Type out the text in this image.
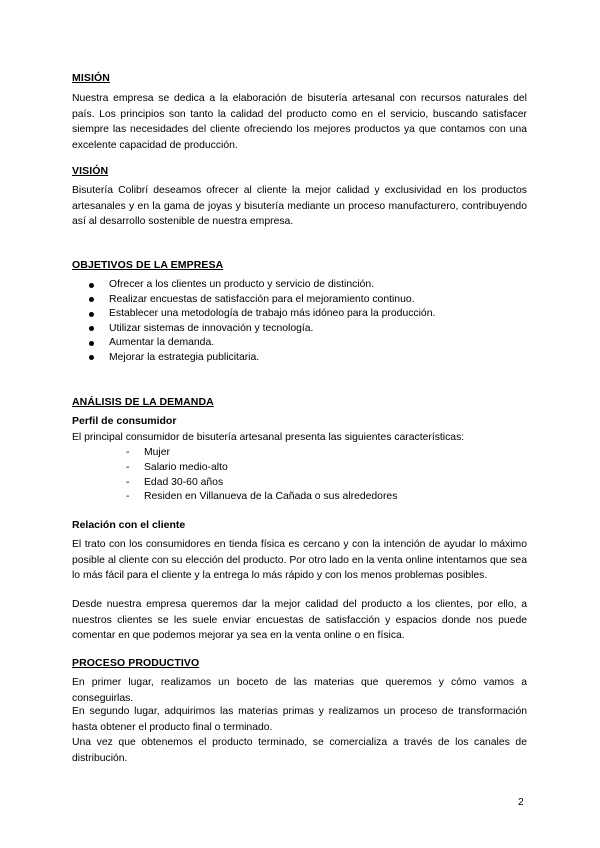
MISIÓN

Nuestra empresa se dedica a la elaboración de bisutería artesanal con recursos naturales del país. Los principios son tanto la calidad del producto como en el servicio, buscando satisfacer siempre las necesidades del cliente ofreciendo los mejores productos ya que contamos con una excelente capacidad de producción.

VISIÓN

Bisutería Colibrí deseamos ofrecer al cliente la mejor calidad y exclusividad en los productos artesanales y en la gama de joyas y bisutería mediante un proceso manufacturero, contribuyendo así al desarrollo sostenible de nuestra empresa.

OBJETIVOS DE LA EMPRESA
Ofrecer a los clientes un producto y servicio de distinción.
Realizar encuestas de satisfacción para el mejoramiento continuo.
Establecer una metodología de trabajo más idóneo para la producción.
Utilizar sistemas de innovación y tecnología.
Aumentar la demanda.
Mejorar la estrategia publicitaria.
ANÁLISIS DE LA DEMANDA
Perfil de consumidor

El principal consumidor de bisutería artesanal presenta las siguientes características:

- Mujer
- Salario medio-alto
- Edad 30-60 años
- Residen en Villanueva de la Cañada o sus alrededores
Relación con el cliente

El trato con los consumidores en tienda física es cercano y con la intención de ayudar lo máximo posible al cliente con su elección del producto. Por otro lado en la venta online intentamos que sea lo más fácil para el cliente y la entrega lo más rápido y con los menos problemas posibles.

Desde nuestra empresa queremos dar la mejor calidad del producto a los clientes, por ello, a nuestros clientes se les suele enviar encuestas de satisfacción y espacios donde nos puede comentar en que podemos mejorar ya sea en la venta online o en física.

PROCESO PRODUCTIVO

En primer lugar, realizamos un boceto de las materias que queremos y cómo vamos a conseguirlas.

En segundo lugar, adquirimos las materias primas y realizamos un proceso de transformación hasta obtener el producto final o terminado.

Una vez que obtenemos el producto terminado, se comercializa a través de los canales de distribución.

2
